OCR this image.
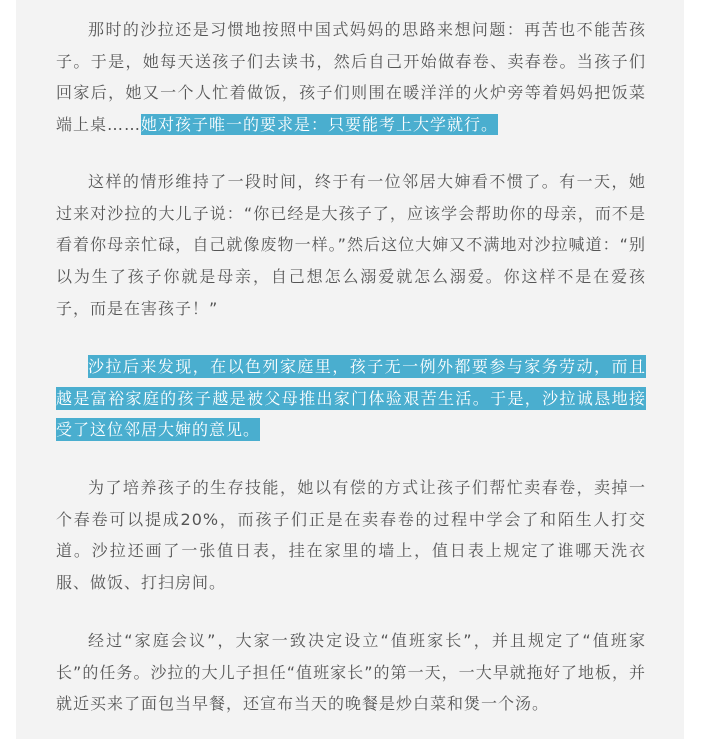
那时的沙拉还是习惯地按照中国式妈妈的思路来想问题：再苦也不能苦孩子。于是，她每天送孩子们去读书，然后自己开始做春卷、卖春卷。当孩子们回家后，她又一个人忙着做饭，孩子们则围在暖洋洋的火炉旁等着妈妈把饭菜端上桌……她对孩子唯一的要求是：只要能考上大学就行。

这样的情形维持了一段时间，终于有一位邻居大婶看不惯了。有一天，她过来对沙拉的大儿子说：“你已经是大孩子了，应该学会帮助你的母亲，而不是看着你母亲忙碌，自己就像废物一样。”然后这位大婶又不满地对沙拉喊道：“别以为生了孩子你就是母亲，自己想怎么溺爱就怎么溺爱。你这样不是在爱孩子，而是在害孩子！”

沙拉后来发现，在以色列家庭里，孩子无一例外都要参与家务劳动，而且越是富裕家庭的孩子越是被父母推出家门体验艰苦生活。于是，沙拉诚恳地接受了这位邻居大婶的意见。

为了培养孩子的生存技能，她以有偿的方式让孩子们帮忙卖春卷，卖掉一个春卷可以提成20%，而孩子们正是在卖春卷的过程中学会了和陌生人打交道。沙拉还画了一张值日表，挂在家里的墙上，值日表上规定了谁哪天洗衣服、做饭、打扫房间。

经过“家庭会议”，大家一致决定设立“值班家长”，并且规定了“值班家长”的任务。沙拉的大儿子担任“值班家长”的第一天，一大早就拖好了地板，并就近买来了面包当早餐，还宣布当天的晚餐是炒白菜和煲一个汤。
